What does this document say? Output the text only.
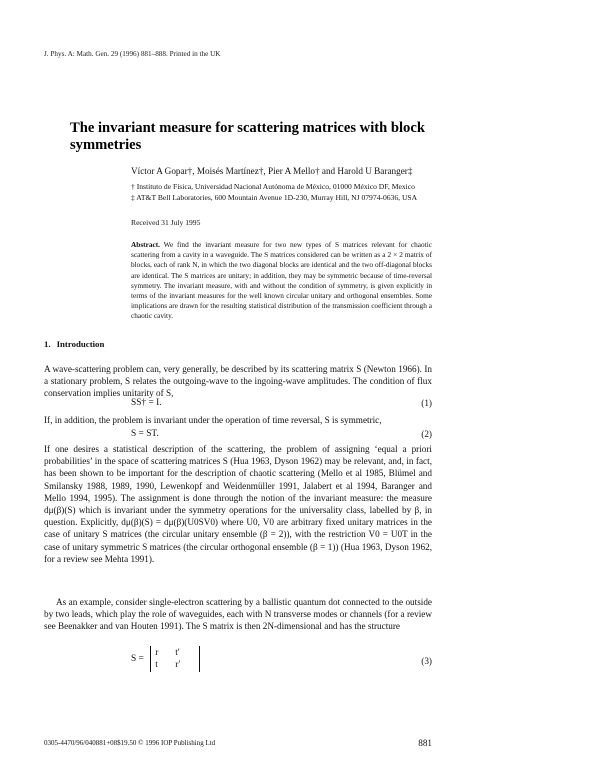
J. Phys. A: Math. Gen. 29 (1996) 881–888. Printed in the UK
The invariant measure for scattering matrices with block symmetries
Víctor A Gopar†, Moisés Martínez†, Pier A Mello† and Harold U Baranger‡
† Instituto de Física, Universidad Nacional Autónoma de México, 01000 México DF, Mexico
‡ AT&T Bell Laboratories, 600 Mountain Avenue 1D-230, Murray Hill, NJ 07974-0636, USA
Received 31 July 1995
Abstract. We find the invariant measure for two new types of S matrices relevant for chaotic scattering from a cavity in a waveguide. The S matrices considered can be written as a 2 × 2 matrix of blocks, each of rank N, in which the two diagonal blocks are identical and the two off-diagonal blocks are identical. The S matrices are unitary; in addition, they may be symmetric because of time-reversal symmetry. The invariant measure, with and without the condition of symmetry, is given explicitly in terms of the invariant measures for the well known circular unitary and orthogonal ensembles. Some implications are drawn for the resulting statistical distribution of the transmission coefficient through a chaotic cavity.
1. Introduction
A wave-scattering problem can, very generally, be described by its scattering matrix S (Newton 1966). In a stationary problem, S relates the outgoing-wave to the ingoing-wave amplitudes. The condition of flux conservation implies unitarity of S,
SS† = I.	(1)
If, in addition, the problem is invariant under the operation of time reversal, S is symmetric,
S = ST.	(2)
If one desires a statistical description of the scattering, the problem of assigning ‘equal a priori probabilities’ in the space of scattering matrices S (Hua 1963, Dyson 1962) may be relevant, and, in fact, has been shown to be important for the description of chaotic scattering (Mello et al 1985, Blümel and Smilansky 1988, 1989, 1990, Lewenkopf and Weidenmüller 1991, Jalabert et al 1994, Baranger and Mello 1994, 1995). The assignment is done through the notion of the invariant measure: the measure dμ(β)(S) which is invariant under the symmetry operations for the universality class, labelled by β, in question. Explicitly, dμ(β)(S) = dμ(β)(U0SV0) where U0, V0 are arbitrary fixed unitary matrices in the case of unitary S matrices (the circular unitary ensemble (β = 2)), with the restriction V0 = U0T in the case of unitary symmetric S matrices (the circular orthogonal ensemble (β = 1)) (Hua 1963, Dyson 1962, for a review see Mehta 1991).
As an example, consider single-electron scattering by a ballistic quantum dot connected to the outside by two leads, which play the role of waveguides, each with N transverse modes or channels (for a review see Beenakker and van Houten 1991). The S matrix is then 2N-dimensional and has the structure
S =
r t′
t r′	(3)
0305-4470/96/040881+08$19.50 © 1996 IOP Publishing Ltd	881
